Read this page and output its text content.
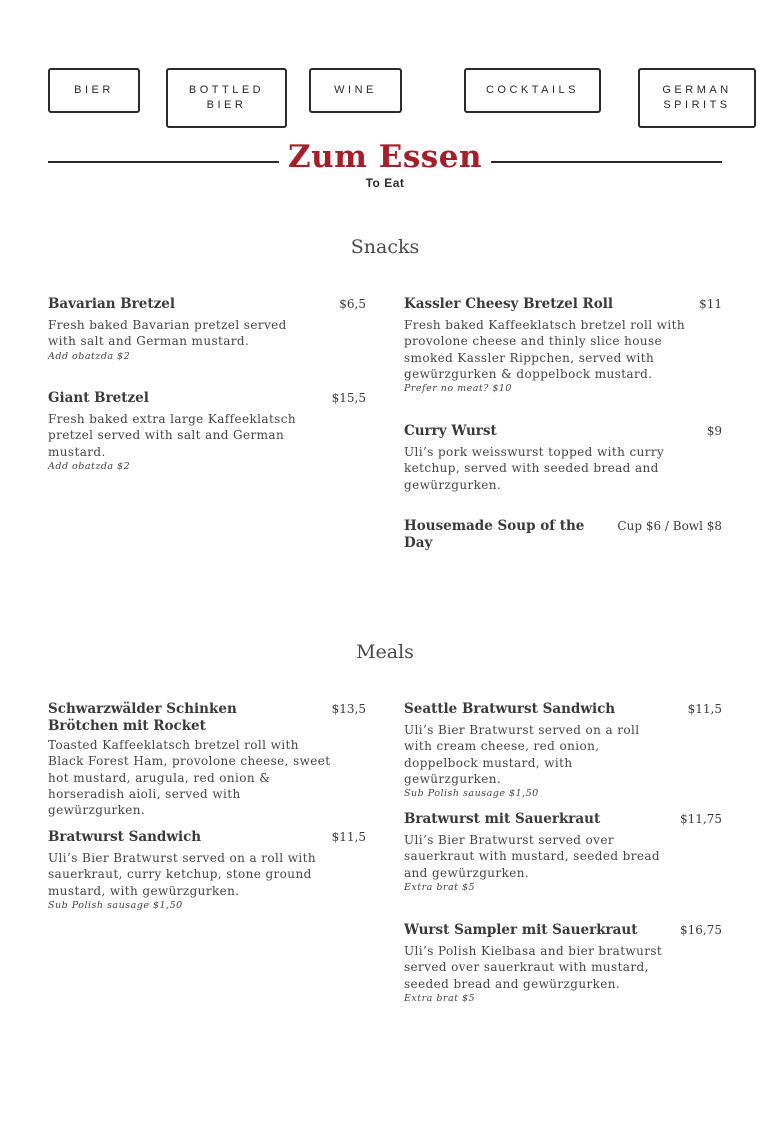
BIER	BOTTLED
BIER
WINE	COCKTAILS	GERMAN
SPIRITS
Zum Essen
To Eat
Snacks
Bavarian Bretzel	$6,5
Fresh baked Bavarian pretzel served with salt and German mustard.
Add obatzda $2
Giant Bretzel	$15,5
Fresh baked extra large Kaffeeklatsch pretzel served with salt and German mustard.
Add obatzda $2
Kassler Cheesy Bretzel Roll	$11
Fresh baked Kaffeeklatsch bretzel roll with provolone cheese and thinly slice house smoked Kassler Rippchen, served with gewürzgurken & doppelbock mustard.
Prefer no meat? $10
Curry Wurst	$9
Uli’s pork weisswurst topped with curry ketchup, served with seeded bread and gewürzgurken.
Housemade Soup of the Day
Cup $6 / Bowl $8
Meals
Schwarzwälder Schinken Brötchen mit Rocket
$13,5
Toasted Kaffeeklatsch bretzel roll with Black Forest Ham, provolone cheese, sweet hot mustard, arugula, red onion & horseradish aioli, served with gewürzgurken.
Bratwurst Sandwich	$11,5
Uli’s Bier Bratwurst served on a roll with sauerkraut, curry ketchup, stone ground mustard, with gewürzgurken.
Sub Polish sausage $1,50
Seattle Bratwurst Sandwich	$11,5
Uli’s Bier Bratwurst served on a roll with cream cheese, red onion, doppelbock mustard, with gewürzgurken.
Sub Polish sausage $1,50
Bratwurst mit Sauerkraut	$11,75
Uli’s Bier Bratwurst served over sauerkraut with mustard, seeded bread and gewürzgurken.
Extra brat $5
Wurst Sampler mit Sauerkraut	$16,75
Uli’s Polish Kielbasa and bier bratwurst served over sauerkraut with mustard, seeded bread and gewürzgurken.
Extra brat $5
